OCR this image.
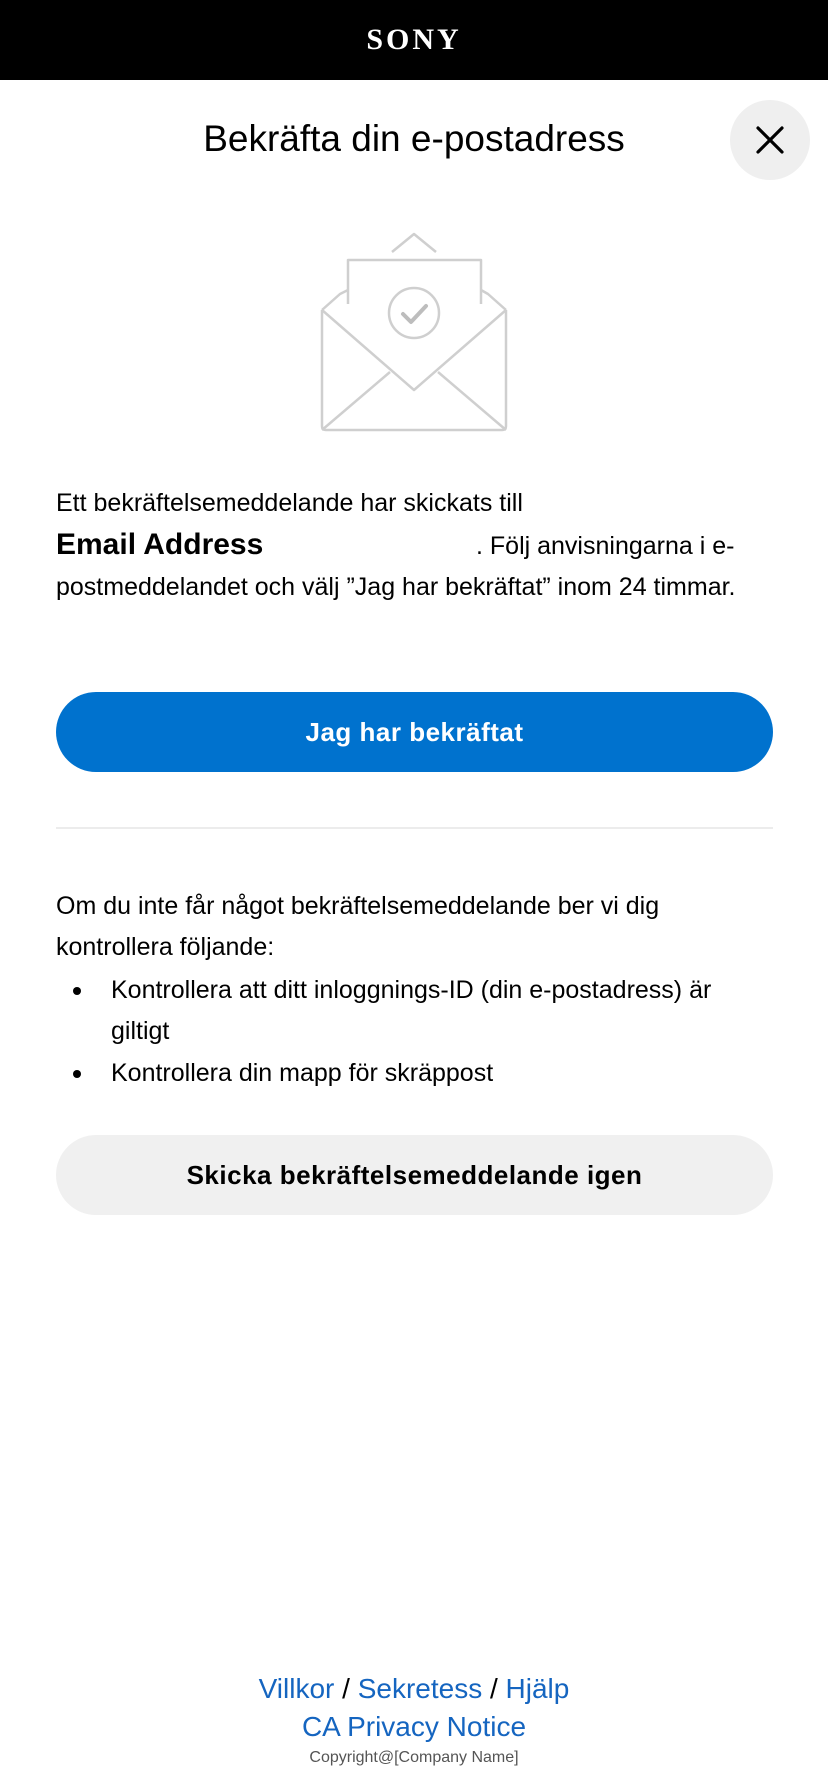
SONY
Bekräfta din e-postadress
Ett bekräftelsemeddelande har skickats till
Email Address	. Följ anvisningarna i e-postmeddelandet och välj ”Jag har bekräftat” inom 24 timmar.
Jag har bekräftat

Om du inte får något bekräftelsemeddelande ber vi dig kontrollera följande:

Kontrollera att ditt inloggnings-ID (din e-postadress) är giltigt
Kontrollera din mapp för skräppost
Skicka bekräftelsemeddelande igen
Villkor / Sekretess / Hjälp
CA Privacy Notice
Copyright@[Company Name]
